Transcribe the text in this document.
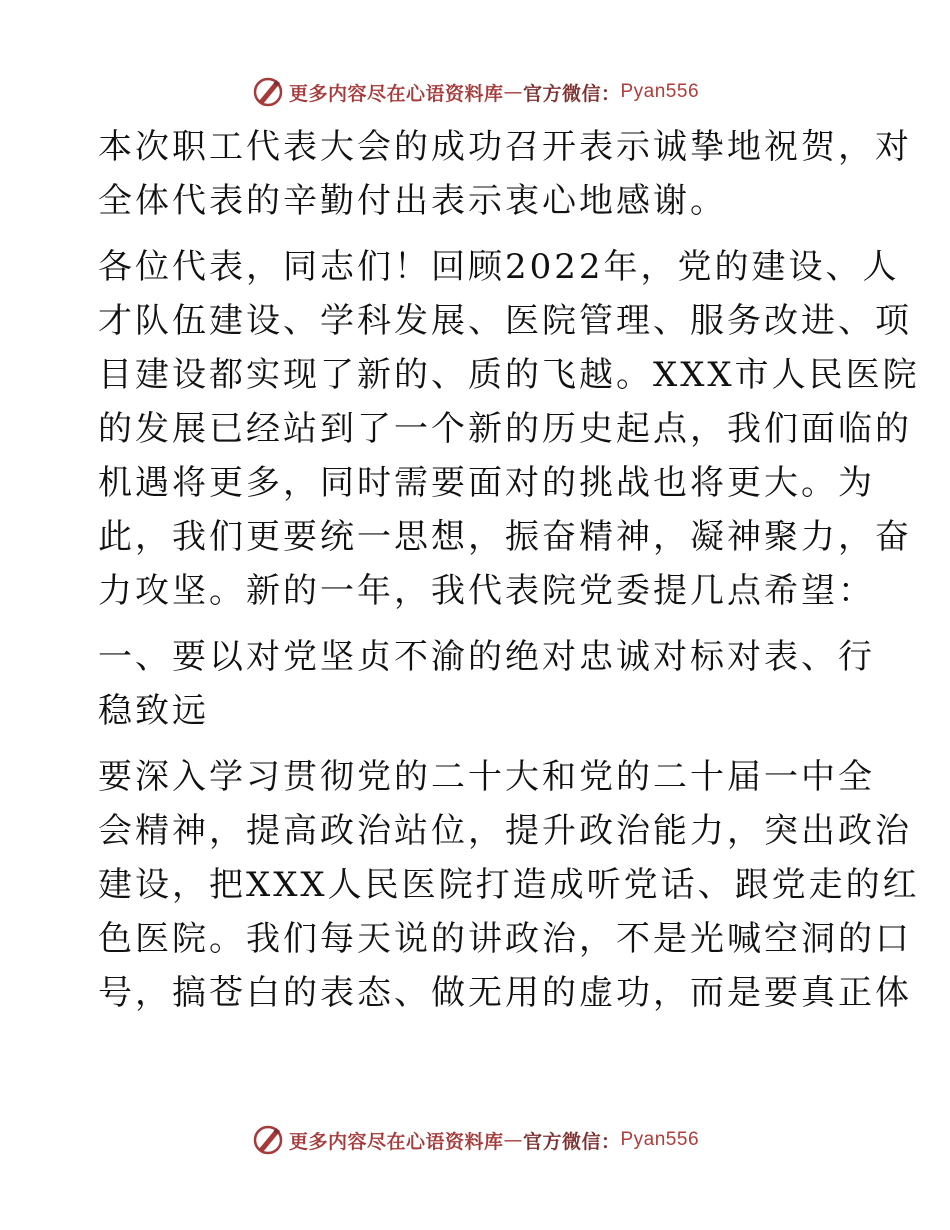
更多内容尽在心语资料库 — 官方微信： Pyan556

本次职工代表大会的成功召开表示诚挚地祝贺，对
全体代表的辛勤付出表示衷心地感谢。

各位代表，同志们！回顾2022年，党的建设、人
才队伍建设、学科发展、医院管理、服务改进、项
目建设都实现了新的、质的飞越。XXX市人民医院
的发展已经站到了一个新的历史起点，我们面临的
机遇将更多，同时需要面对的挑战也将更大。为
此，我们更要统一思想，振奋精神，凝神聚力，奋
力攻坚。新的一年，我代表院党委提几点希望：

一、要以对党坚贞不渝的绝对忠诚对标对表、行
稳致远

要深入学习贯彻党的二十大和党的二十届一中全
会精神，提高政治站位，提升政治能力，突出政治
建设，把XXX人民医院打造成听党话、跟党走的红
色医院。我们每天说的讲政治，不是光喊空洞的口
号，搞苍白的表态、做无用的虚功，而是要真正体

更多内容尽在心语资料库 — 官方微信： Pyan556
